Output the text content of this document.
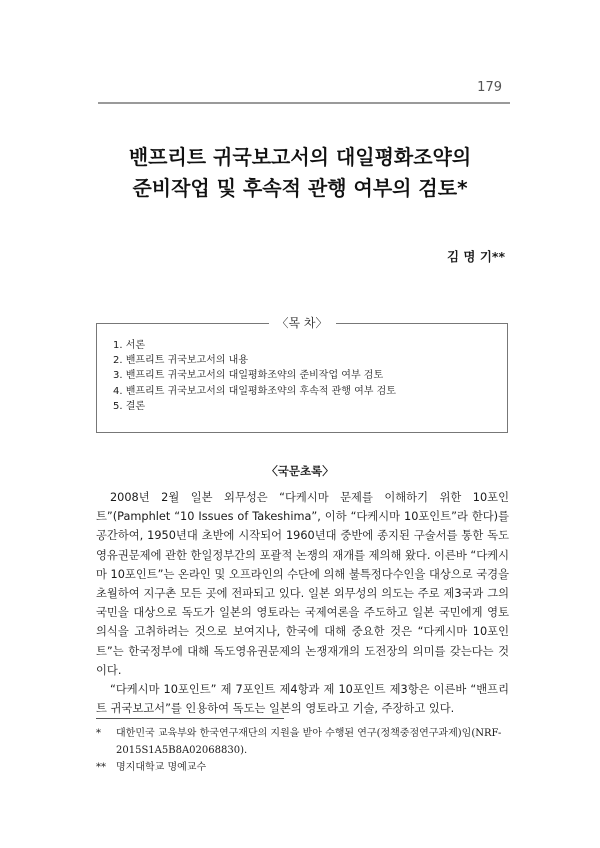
179
밴프리트 귀국보고서의 대일평화조약의
준비작업 및 후속적 관행 여부의 검토*
김 명 기**
〈목 차〉
1. 서론
2. 밴프리트 귀국보고서의 내용
3. 밴프리트 귀국보고서의 대일평화조약의 준비작업 여부 검토
4. 밴프리트 귀국보고서의 대일평화조약의 후속적 관행 여부 검토
5. 결론
〈국문초록〉

2008년 2월 일본 외무성은 “다케시마 문제를 이해하기 위한 10포인트”(Pamphlet “10 Issues of Takeshima”, 이하 “다케시마 10포인트”라 한다)를 공간하여, 1950년대 초반에 시작되어 1960년대 중반에 종지된 구술서를 통한 독도영유권문제에 관한 한일정부간의 포괄적 논쟁의 재개를 제의해 왔다. 이른바 “다케시마 10포인트”는 온라인 및 오프라인의 수단에 의해 불특정다수인을 대상으로 국경을 초월하여 지구촌 모든 곳에 전파되고 있다. 일본 외무성의 의도는 주로 제3국과 그의 국민을 대상으로 독도가 일본의 영토라는 국제여론을 주도하고 일본 국민에게 영토의식을 고취하려는 것으로 보여지나, 한국에 대해 중요한 것은 “다케시마 10포인트”는 한국정부에 대해 독도영유권문제의 논쟁재개의 도전장의 의미를 갖는다는 것이다.

“다케시마 10포인트” 제 7포인트 제4항과 제 10포인트 제3항은 이른바 “밴프리트 귀국보고서”를 인용하여 독도는 일본의 영토라고 기술, 주장하고 있다.

*	대한민국 교육부와 한국연구재단의 지원을 받아 수행된 연구(정책중점연구과제)임(NRF-2015S1A5B8A02068830).
**	명지대학교 명예교수
